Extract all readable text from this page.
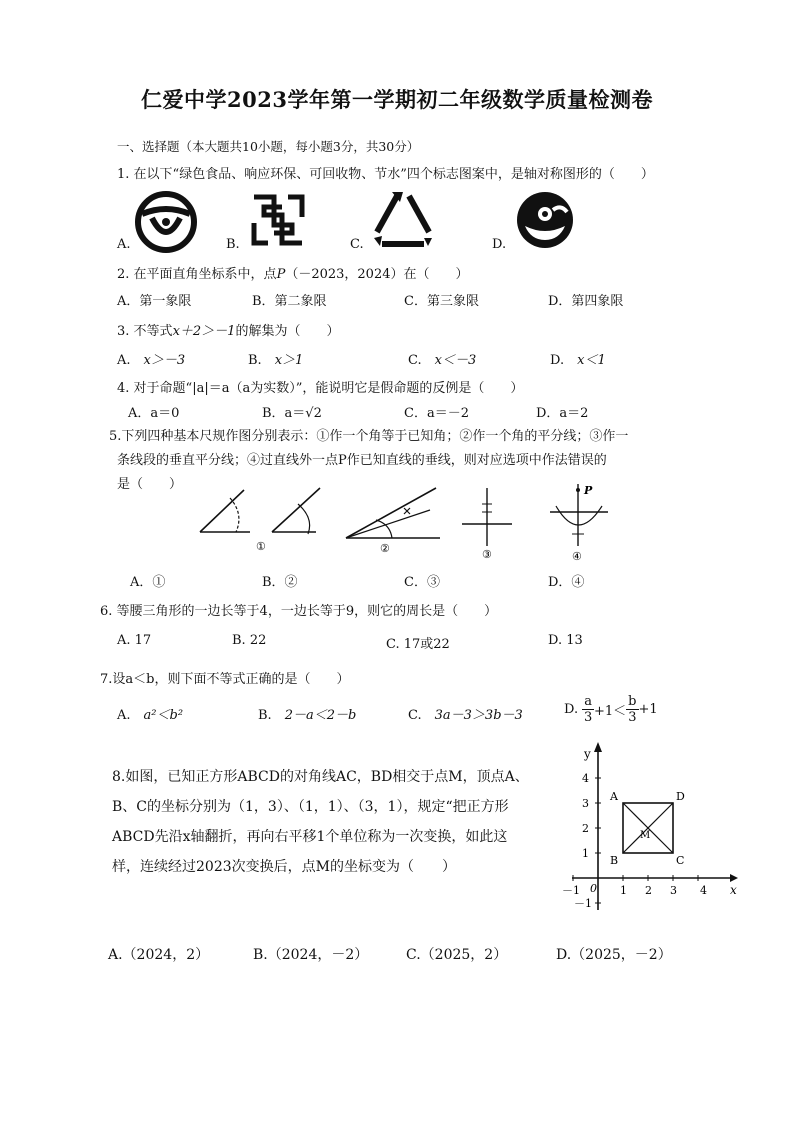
仁爱中学2023学年第一学期初二年级数学质量检测卷
一、选择题（本大题共10小题，每小题3分，共30分）
1. 在以下“绿色食品、响应环保、可回收物、节水”四个标志图案中，是轴对称图形的（　　）
A.	B.	C.	D.
2. 在平面直角坐标系中，点P（－2023，2024）在（　　）
A．第一象限	B．第二象限	C．第三象限	D．第四象限
3. 不等式x＋2＞－1的解集为（　　）
A.　 x＞－3	B.　 x＞1	C.　 x＜－3	D.　 x＜1
4. 对于命题“|a|＝a（a为实数）”，能说明它是假命题的反例是（　　）
A．a＝0	B．a＝√2	C．a＝－2	D．a＝2
5.下列四种基本尺规作图分别表示：①作一个角等于已知角；②作一个角的平分线；③作一
条线段的垂直平分线；④过直线外一点P作已知直线的垂线，则对应选项中作法错误的
是（　　）
①	②	③
P
④
A．①	B．②	C．③	D．④
6. 等腰三角形的一边长等于4，一边长等于9，则它的周长是（　　）
A. 17	B. 22	C. 17或22	D. 13
7.设a＜b，则下面不等式正确的是（　　）
A.　 a²＜b²	B.　 2－a＜2－b	C.　 3a－3＞3b－3	D. $\frac{a}{3} +1< \frac{b}{3} +1$
8.如图，已知正方形ABCD的对角线AC，BD相交于点M，顶点A、
B、C的坐标分别为（1，3）、（1，1）、（3，1），规定“把正方形
ABCD先沿x轴翻折，再向右平移1个单位称为一次变换，如此这
样，连续经过2023次变换后，点M的坐标变为（　　）
y
x
0
－1	1 2 3 4
4
3
2
1
－1
A
B	C
D
M
A.（2024，2）	B.（2024，－2）	C.（2025，2）	D.（2025，－2）
